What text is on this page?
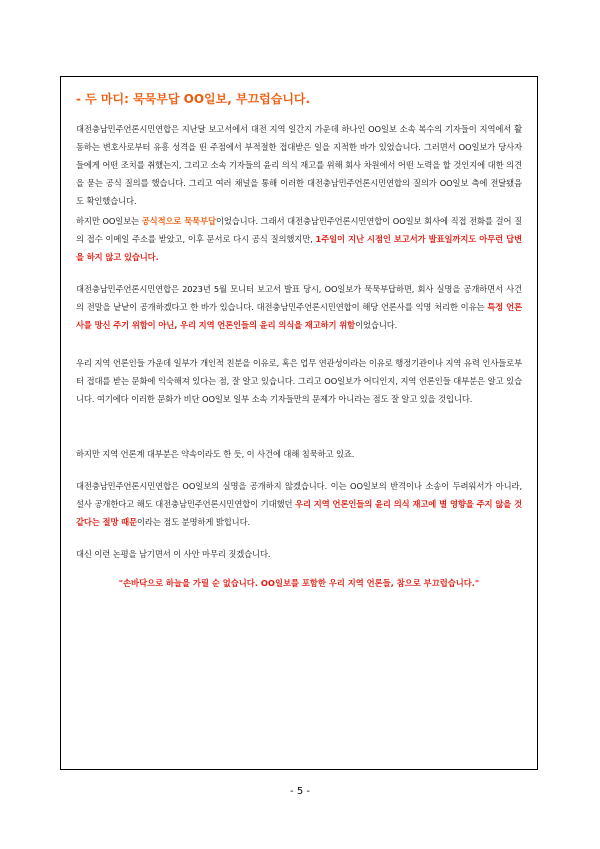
- 두 마디: 묵묵부답 OO일보, 부끄럽습니다.
대전충남민주언론시민연합은 지난달 보고서에서 대전 지역 일간지 가운데 하나인 OO일보 소속 복수의 기자들이 지역에서 활동하는 변호사로부터 유흥 성격을 띤 주점에서 부적절한 접대받은 일을 지적한 바가 있었습니다. 그러면서 OO일보가 당사자들에게 어떤 조치를 취했는지, 그리고 소속 기자들의 윤리 의식 재고를 위해 회사 차원에서 어떤 노력을 할 것인지에 대한 의견을 묻는 공식 질의를 했습니다. 그리고 여러 채널을 통해 이러한 대전충남민주언론시민연합의 질의가 OO일보 측에 전달됐음도 확인했습니다.
하지만 OO일보는 공식적으로 묵묵부답이었습니다. 그래서 대전충남민주언론시민연합이 OO일보 회사에 직접 전화를 걸어 질의 접수 이메일 주소를 받았고, 이후 문서로 다시 공식 질의했지만, 1주일이 지난 시점인 보고서가 발표일까지도 아무런 답변을 하지 않고 있습니다.
대전충남민주언론시민연합은 2023년 5월 모니터 보고서 발표 당시, OO일보가 묵묵부답하면, 회사 실명을 공개하면서 사건의 전말을 낱낱이 공개하겠다고 한 바가 있습니다. 대전충남민주언론시민연합이 해당 언론사를 익명 처리한 이유는 특정 언론사를 망신 주기 위함이 아닌, 우리 지역 언론인들의 윤리 의식을 재고하기 위함이었습니다.
우리 지역 언론인들 가운데 일부가 개인적 친분을 이유로, 혹은 업무 연관성이라는 이유로 행정기관이나 지역 유력 인사들로부터 접대를 받는 문화에 익숙해져 있다는 점, 잘 알고 있습니다. 그리고 OO일보가 어디인지, 지역 언론인들 대부분은 알고 있습니다. 여기에다 이러한 문화가 비단 OO일보 일부 소속 기자들만의 문제가 아니라는 점도 잘 알고 있을 것입니다.
하지만 지역 언론계 대부분은 약속이라도 한 듯, 이 사건에 대해 침묵하고 있죠.
대전충남민주언론시민연합은 OO일보의 실명을 공개하지 않겠습니다. 이는 OO일보의 반격이나 소송이 두려워서가 아니라, 설사 공개한다고 해도 대전충남민주언론시민연합이 기대했던 우리 지역 언론인들의 윤리 의식 재고에 별 영향을 주지 않을 것 같다는 절망 때문이라는 점도 분명하게 밝힙니다.
대신 이런 논평을 남기면서 이 사안 마무리 짓겠습니다.
"손바닥으로 하늘을 가릴 순 없습니다. OO일보를 포함한 우리 지역 언론들, 참으로 부끄럽습니다."
- 5 -
